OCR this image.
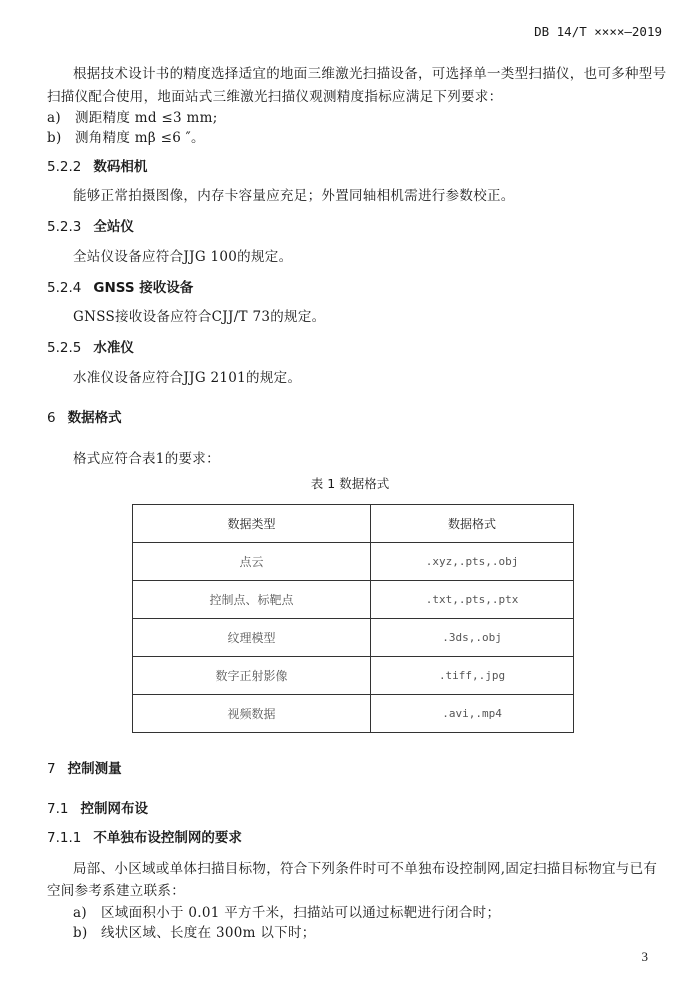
DB 14/T ××××—2019
根据技术设计书的精度选择适宜的地面三维激光扫描设备，可选择单一类型扫描仪，也可多种型号
扫描仪配合使用，地面站式三维激光扫描仪观测精度指标应满足下列要求：
a) 测距精度 md ≤3 mm;
b) 测角精度 mβ ≤6 ″。
5.2.2 数码相机
能够正常拍摄图像，内存卡容量应充足；外置同轴相机需进行参数校正。
5.2.3 全站仪
全站仪设备应符合JJG 100的规定。
5.2.4 GNSS 接收设备
GNSS接收设备应符合CJJ/T 73的规定。
5.2.5 水准仪
水准仪设备应符合JJG 2101的规定。
6 数据格式
格式应符合表1的要求：
表 1 数据格式
数据类型	数据格式
点云	.xyz,.pts,.obj
控制点、标靶点	.txt,.pts,.ptx
纹理模型	.3ds,.obj
数字正射影像	.tiff,.jpg
视频数据	.avi,.mp4
7 控制测量
7.1 控制网布设
7.1.1 不单独布设控制网的要求
局部、小区域或单体扫描目标物，符合下列条件时可不单独布设控制网,固定扫描目标物宜与已有
空间参考系建立联系：
a) 区域面积小于 0.01 平方千米，扫描站可以通过标靶进行闭合时；
b) 线状区域、长度在 300m 以下时；
3
